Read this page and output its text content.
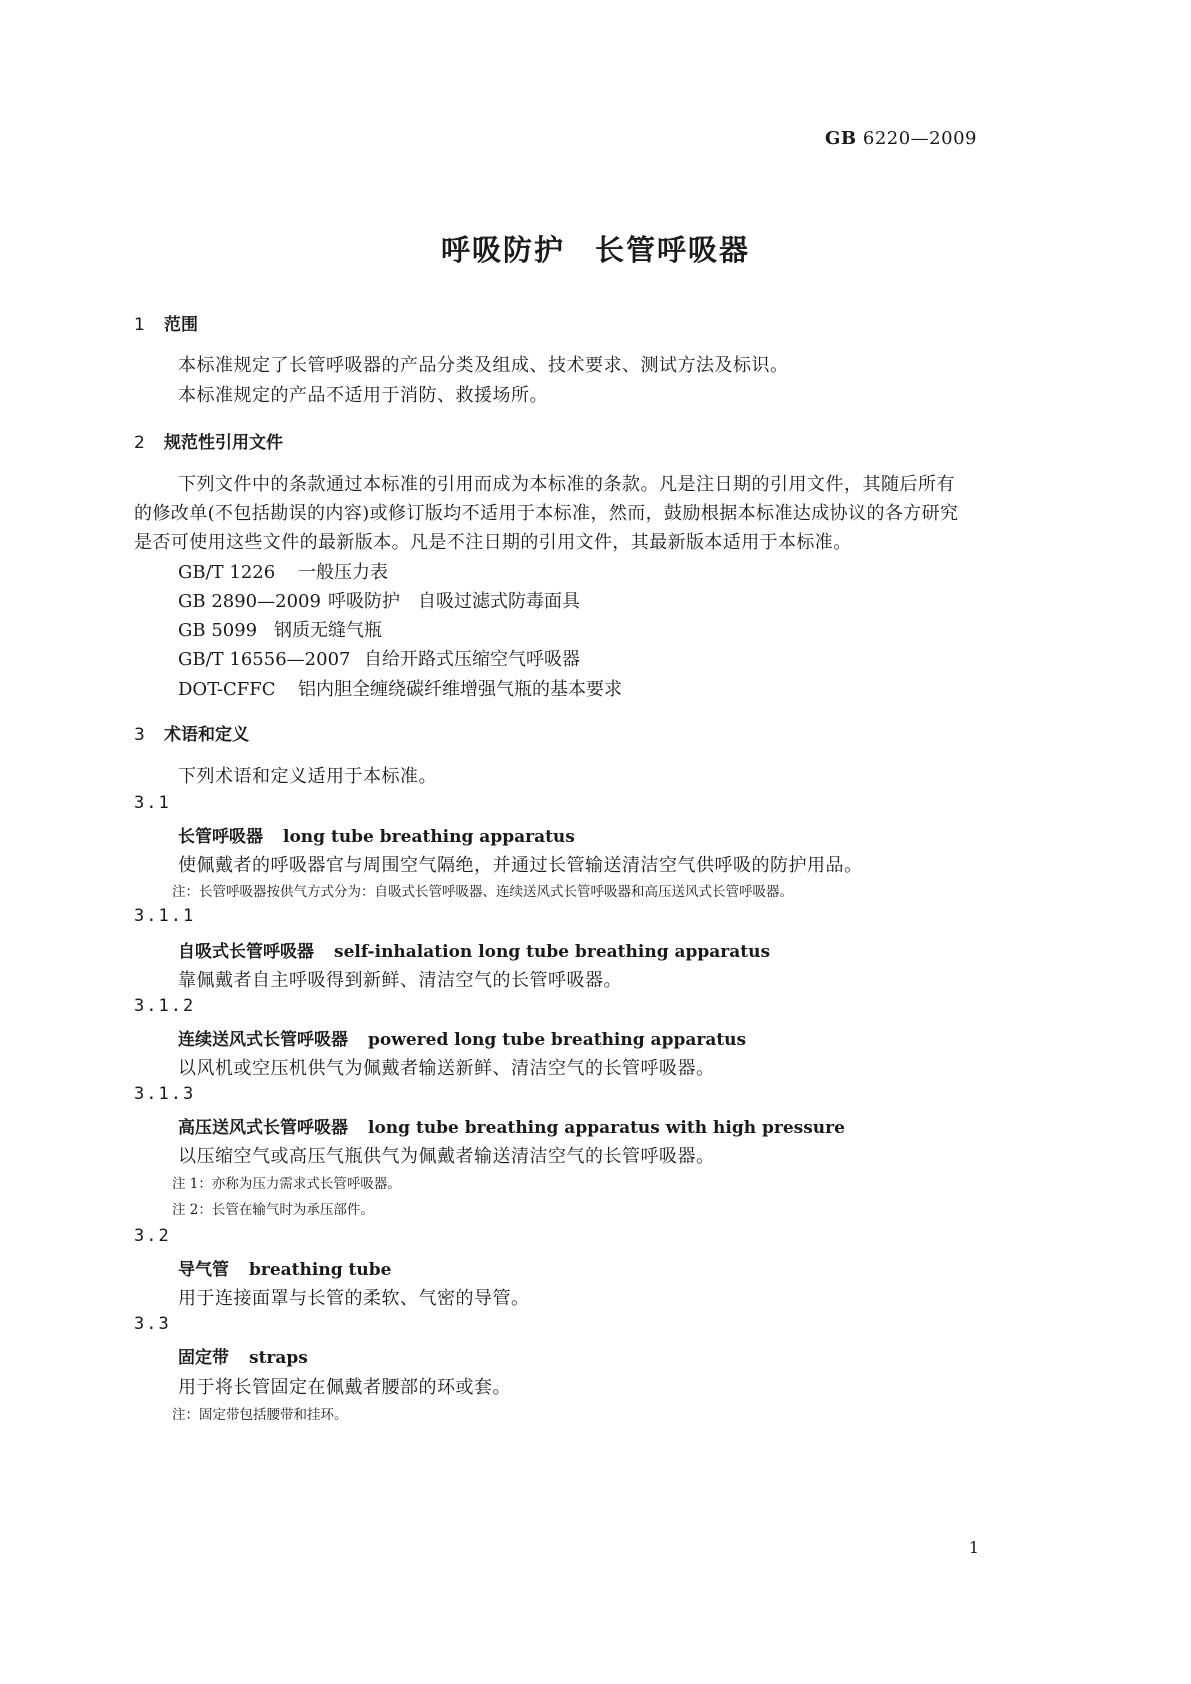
GB 6220—2009
呼吸防护 长管呼吸器
1 范围
本标准规定了长管呼吸器的产品分类及组成、技术要求、测试方法及标识。
本标准规定的产品不适用于消防、救援场所。
2 规范性引用文件
下列文件中的条款通过本标准的引用而成为本标准的条款。凡是注日期的引用文件，其随后所有
的修改单(不包括勘误的内容)或修订版均不适用于本标准，然而，鼓励根据本标准达成协议的各方研究
是否可使用这些文件的最新版本。凡是不注日期的引用文件，其最新版本适用于本标准。
GB/T 1226 一般压力表
GB 2890—2009 呼吸防护　自吸过滤式防毒面具
GB 5099 钢质无缝气瓶
GB/T 16556—2007 自给开路式压缩空气呼吸器
DOT-CFFC 铝内胆全缠绕碳纤维增强气瓶的基本要求
3 术语和定义
下列术语和定义适用于本标准。
3.1
长管呼吸器 long tube breathing apparatus
使佩戴者的呼吸器官与周围空气隔绝，并通过长管输送清洁空气供呼吸的防护用品。
注：长管呼吸器按供气方式分为：自吸式长管呼吸器、连续送风式长管呼吸器和高压送风式长管呼吸器。
3.1.1
自吸式长管呼吸器 self-inhalation long tube breathing apparatus
靠佩戴者自主呼吸得到新鲜、清洁空气的长管呼吸器。
3.1.2
连续送风式长管呼吸器 powered long tube breathing apparatus
以风机或空压机供气为佩戴者输送新鲜、清洁空气的长管呼吸器。
3.1.3
高压送风式长管呼吸器 long tube breathing apparatus with high pressure
以压缩空气或高压气瓶供气为佩戴者输送清洁空气的长管呼吸器。
注 1：亦称为压力需求式长管呼吸器。
注 2：长管在输气时为承压部件。
3.2
导气管 breathing tube
用于连接面罩与长管的柔软、气密的导管。
3.3
固定带 straps
用于将长管固定在佩戴者腰部的环或套。
注：固定带包括腰带和挂环。
1
